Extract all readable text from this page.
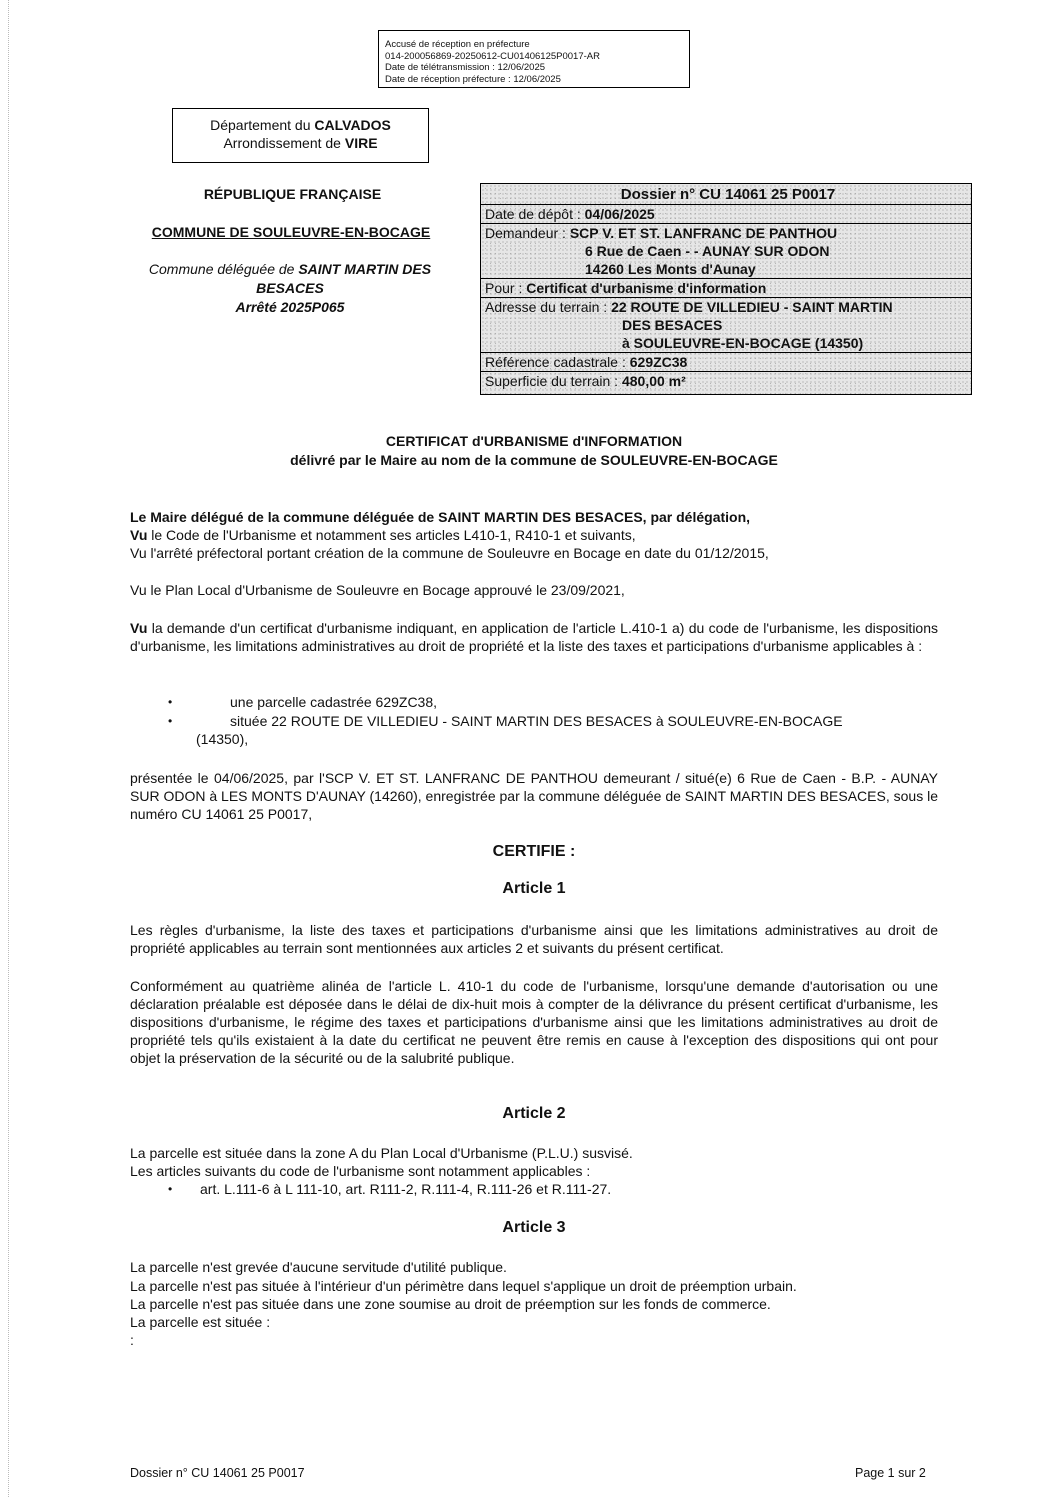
Accusé de réception en préfecture
014-200056869-20250612-CU01406125P0017-AR
Date de télétransmission : 12/06/2025
Date de réception préfecture : 12/06/2025
Département du CALVADOS
Arrondissement de VIRE
RÉPUBLIQUE FRANÇAISE
COMMUNE DE SOULEUVRE-EN-BOCAGE
Commune déléguée de SAINT MARTIN DES BESACES
Arrêté 2025P065
Dossier n° CU 14061 25 P0017
Date de dépôt : 04/06/2025
Demandeur : SCP V. ET ST. LANFRANC DE PANTHOU
6 Rue de Caen - - AUNAY SUR ODON
14260 Les Monts d'Aunay
Pour : Certificat d'urbanisme d'information
Adresse du terrain : 22 ROUTE DE VILLEDIEU - SAINT MARTIN
DES BESACES
à SOULEUVRE-EN-BOCAGE (14350)
Référence cadastrale : 629ZC38
Superficie du terrain : 480,00 m²
CERTIFICAT d'URBANISME d'INFORMATION
délivré par le Maire au nom de la commune de SOULEUVRE-EN-BOCAGE
Le Maire délégué de la commune déléguée de SAINT MARTIN DES BESACES, par délégation,
Vu le Code de l'Urbanisme et notamment ses articles L410-1, R410-1 et suivants,
Vu l'arrêté préfectoral portant création de la commune de Souleuvre en Bocage en date du 01/12/2015,
Vu le Plan Local d'Urbanisme de Souleuvre en Bocage approuvé le 23/09/2021,
Vu la demande d'un certificat d'urbanisme indiquant, en application de l'article L.410-1 a) du code de l'urbanisme, les dispositions d'urbanisme, les limitations administratives au droit de propriété et la liste des taxes et participations d'urbanisme applicables à :
•	une parcelle cadastrée 629ZC38,
•	située 22 ROUTE DE VILLEDIEU - SAINT MARTIN DES BESACES à SOULEUVRE-EN-BOCAGE
(14350),
présentée le 04/06/2025, par l'SCP V. ET ST. LANFRANC DE PANTHOU demeurant / situé(e) 6 Rue de Caen - B.P. - AUNAY SUR ODON à LES MONTS D'AUNAY (14260), enregistrée par la commune déléguée de SAINT MARTIN DES BESACES, sous le numéro CU 14061 25 P0017,
CERTIFIE :
Article 1
Les règles d'urbanisme, la liste des taxes et participations d'urbanisme ainsi que les limitations administratives au droit de propriété applicables au terrain sont mentionnées aux articles 2 et suivants du présent certificat.
Conformément au quatrième alinéa de l'article L. 410-1 du code de l'urbanisme, lorsqu'une demande d'autorisation ou une déclaration préalable est déposée dans le délai de dix-huit mois à compter de la délivrance du présent certificat d'urbanisme, les dispositions d'urbanisme, le régime des taxes et participations d'urbanisme ainsi que les limitations administratives au droit de propriété tels qu'ils existaient à la date du certificat ne peuvent être remis en cause à l'exception des dispositions qui ont pour objet la préservation de la sécurité ou de la salubrité publique.
Article 2
La parcelle est située dans la zone A du Plan Local d'Urbanisme (P.L.U.) susvisé.
Les articles suivants du code de l'urbanisme sont notamment applicables :
• art. L.111-6 à L 111-10, art. R111-2, R.111-4, R.111-26 et R.111-27.
Article 3
La parcelle n'est grevée d'aucune servitude d'utilité publique.
La parcelle n'est pas située à l'intérieur d'un périmètre dans lequel s'applique un droit de préemption urbain.
La parcelle n'est pas située dans une zone soumise au droit de préemption sur les fonds de commerce.
La parcelle est située :
:
Dossier n° CU 14061 25 P0017	Page 1 sur 2
